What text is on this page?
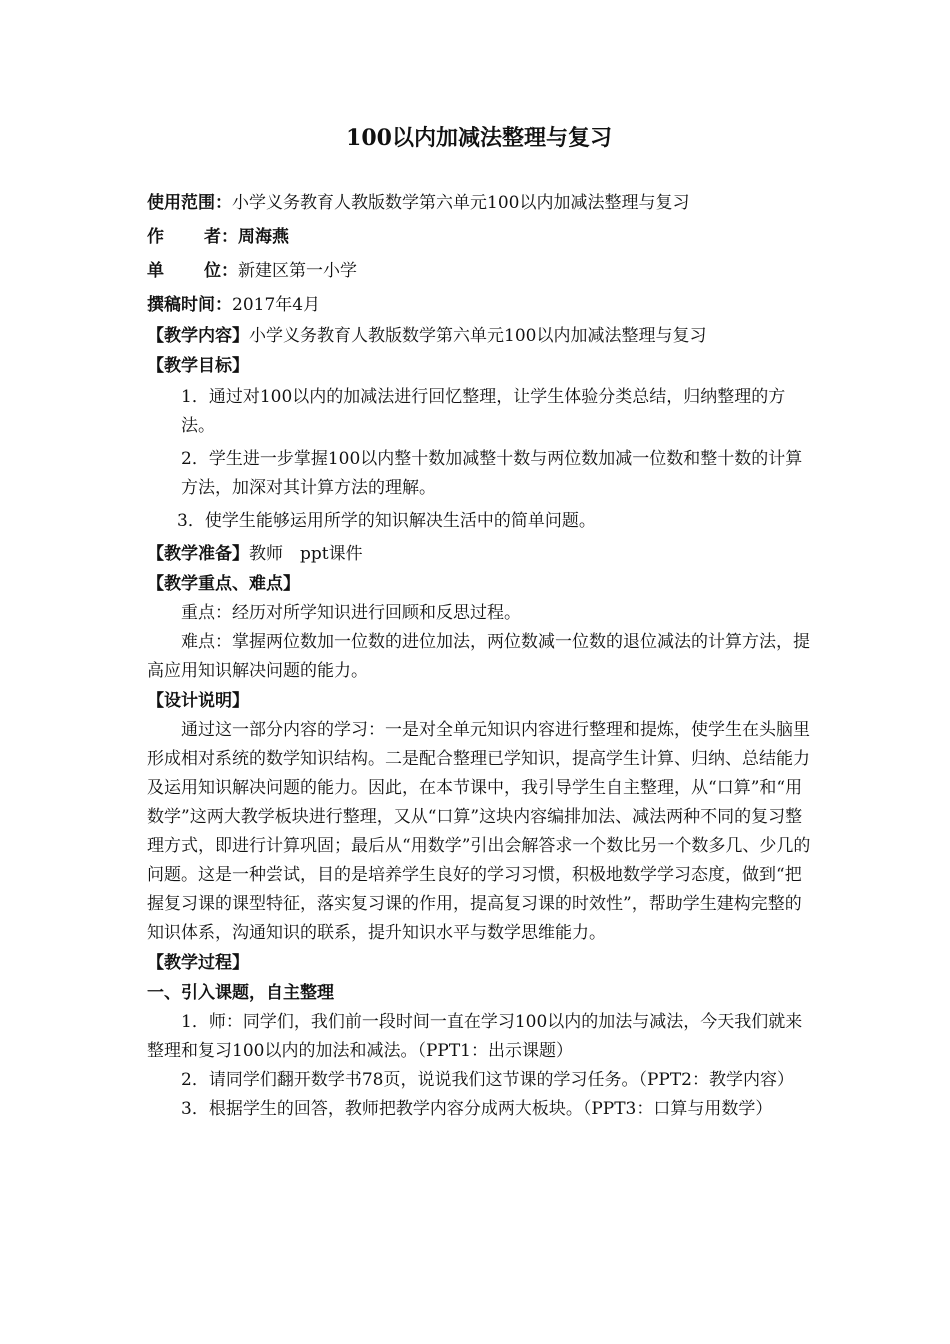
100以内加减法整理与复习
使用范围： 小学义务教育人教版数学第六单元100以内加减法整理与复习
作 者： 周海燕
单 位： 新建区第一小学
撰稿时间： 2017年4月
【教学内容】小学义务教育人教版数学第六单元100以内加减法整理与复习
【教学目标】
1．通过对100以内的加减法进行回忆整理，让学生体验分类总结，归纳整理的方法。
2．学生进一步掌握100以内整十数加减整十数与两位数加减一位数和整十数的计算方法，加深对其计算方法的理解。
3．使学生能够运用所学的知识解决生活中的简单问题。
【教学准备】教师　ppt课件
【教学重点、难点】

重点：经历对所学知识进行回顾和反思过程。

难点：掌握两位数加一位数的进位加法，两位数减一位数的退位减法的计算方法，提高应用知识解决问题的能力。

【设计说明】

通过这一部分内容的学习：一是对全单元知识内容进行整理和提炼，使学生在头脑里形成相对系统的数学知识结构。二是配合整理已学知识，提高学生计算、归纳、总结能力及运用知识解决问题的能力。因此，在本节课中，我引导学生自主整理，从“口算”和“用数学”这两大教学板块进行整理，又从“口算”这块内容编排加法、减法两种不同的复习整理方式，即进行计算巩固；最后从“用数学”引出会解答求一个数比另一个数多几、少几的问题。这是一种尝试，目的是培养学生良好的学习习惯，积极地数学学习态度，做到“把握复习课的课型特征，落实复习课的作用，提高复习课的时效性”，帮助学生建构完整的知识体系，沟通知识的联系，提升知识水平与数学思维能力。

【教学过程】
一、引入课题，自主整理

1．师：同学们，我们前一段时间一直在学习100以内的加法与减法，今天我们就来整理和复习100以内的加法和减法。（PPT1：出示课题）

2．请同学们翻开数学书78页，说说我们这节课的学习任务。（PPT2：教学内容）

3．根据学生的回答，教师把教学内容分成两大板块。（PPT3：口算与用数学）
